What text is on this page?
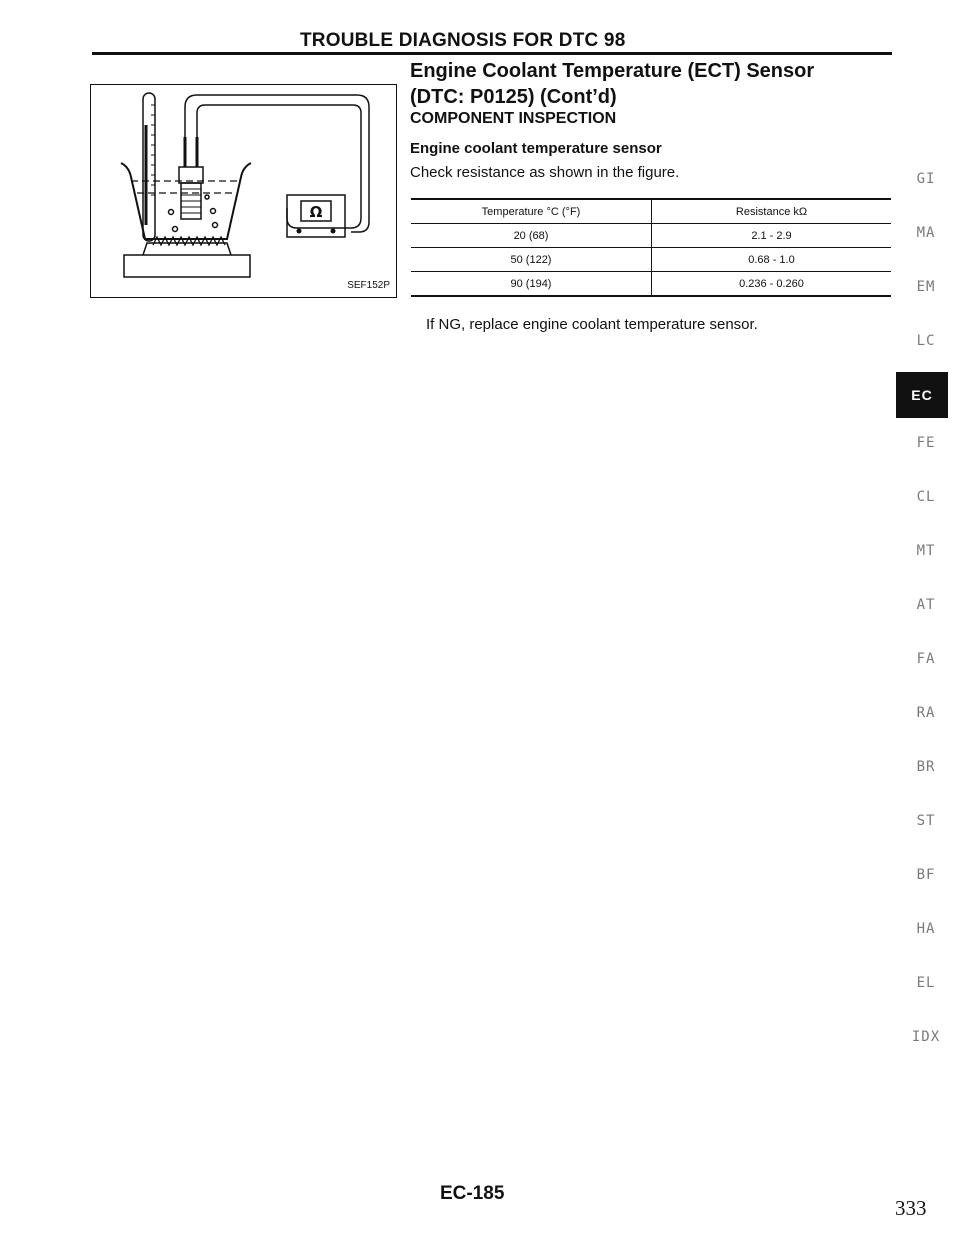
TROUBLE DIAGNOSIS FOR DTC 98
Ω
SEF152P
Engine Coolant Temperature (ECT) Sensor
(DTC: P0125) (Cont’d)
COMPONENT INSPECTION
Engine coolant temperature sensor
Check resistance as shown in the figure.
Temperature °C (°F)	Resistance kΩ
20 (68)	2.1 - 2.9
50 (122)	0.68 - 1.0
90 (194)	0.236 - 0.260
If NG, replace engine coolant temperature sensor.
GI
MA
EM
LC
EC
FE
CL
MT
AT
FA
RA
BR
ST
BF
HA
EL
IDX
EC-185
333
